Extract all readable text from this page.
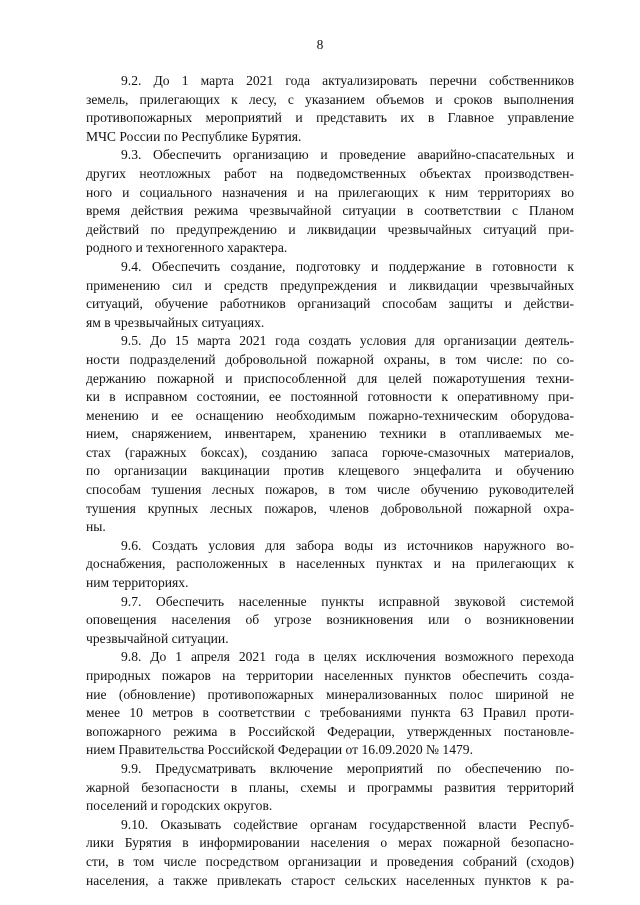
8
9.2. До 1 марта 2021 года актуализировать перечни собственников
земель, прилегающих к лесу, с указанием объемов и сроков выполнения
противопожарных мероприятий и представить их в Главное управление
МЧС России по Республике Бурятия.
9.3. Обеспечить организацию и проведение аварийно-спасательных и
других неотложных работ на подведомственных объектах производствен-
ного и социального назначения и на прилегающих к ним территориях во
время действия режима чрезвычайной ситуации в соответствии с Планом
действий по предупреждению и ликвидации чрезвычайных ситуаций при-
родного и техногенного характера.
9.4. Обеспечить создание, подготовку и поддержание в готовности к
применению сил и средств предупреждения и ликвидации чрезвычайных
ситуаций, обучение работников организаций способам защиты и действи-
ям в чрезвычайных ситуациях.
9.5. До 15 марта 2021 года создать условия для организации деятель-
ности подразделений добровольной пожарной охраны, в том числе: по со-
держанию пожарной и приспособленной для целей пожаротушения техни-
ки в исправном состоянии, ее постоянной готовности к оперативному при-
менению и ее оснащению необходимым пожарно-техническим оборудова-
нием, снаряжением, инвентарем, хранению техники в отапливаемых ме-
стах (гаражных боксах), созданию запаса горюче-смазочных материалов,
по организации вакцинации против клещевого энцефалита и обучению
способам тушения лесных пожаров, в том числе обучению руководителей
тушения крупных лесных пожаров, членов добровольной пожарной охра-
ны.
9.6. Создать условия для забора воды из источников наружного во-
доснабжения, расположенных в населенных пунктах и на прилегающих к
ним территориях.
9.7. Обеспечить населенные пункты исправной звуковой системой
оповещения населения об угрозе возникновения или о возникновении
чрезвычайной ситуации.
9.8. До 1 апреля 2021 года в целях исключения возможного перехода
природных пожаров на территории населенных пунктов обеспечить созда-
ние (обновление) противопожарных минерализованных полос шириной не
менее 10 метров в соответствии с требованиями пункта 63 Правил проти-
вопожарного режима в Российской Федерации, утвержденных постановле-
нием Правительства Российской Федерации от 16.09.2020 № 1479.
9.9. Предусматривать включение мероприятий по обеспечению по-
жарной безопасности в планы, схемы и программы развития территорий
поселений и городских округов.
9.10. Оказывать содействие органам государственной власти Респуб-
лики Бурятия в информировании населения о мерах пожарной безопасно-
сти, в том числе посредством организации и проведения собраний (сходов)
населения, а также привлекать старост сельских населенных пунктов к ра-
